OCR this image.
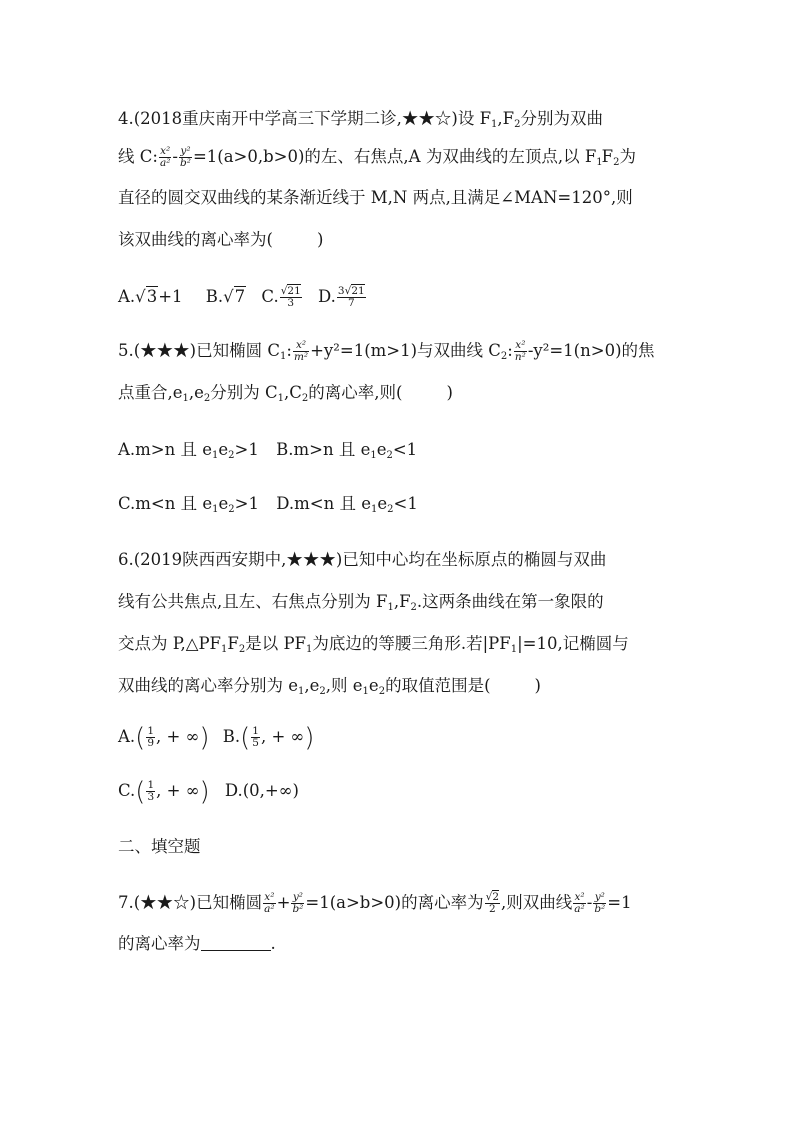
4.(2018重庆南开中学高三下学期二诊,★★☆)设 $F_1,F_2$分别为双曲
线 C: $\frac{\text{x²}}{\text{a²}} - \frac{\text{y²}}{\text{b²}} =1(a>0,b>0)$的左、右焦点,A 为双曲线的左顶点,以 $F_1F_2$为
直径的圆交双曲线的某条渐近线于 M,N 两点,且满足∠MAN=120°,则
该双曲线的离心率为(	)
A.√3+1 B.√7 C. $\frac{√21}{3} D$. $\frac{3√21}{7}$
5.(★★★)已知椭圆 $C_1$: $\frac{\text{x²}}{\text{m²}} +y^2=1(m>1)$与双曲线 $C_2$: $\frac{\text{x²}}{\text{n²}} -y^2=1(n>0)$的焦
点重合$,e_1,e_2$分别为 $C_1,C_2$的离心率,则(	)
A.m>n 且 $e_1e_2>1$ B.m>n 且 $e_1e_2<1$
C.m<n 且 $e_1e_2>1$ D.m<n 且 $e_1e_2<1$
6.(2019陕西西安期中,★★★)已知中心均在坐标原点的椭圆与双曲
线有公共焦点,且左、右焦点分别为 $F_1,F_2$.这两条曲线在第一象限的
交点为 $P,\triangle PF_1F_2$是以 $PF_1$为底边的等腰三角形.若$|PF_1|=10$,记椭圆与
双曲线的离心率分别为 $e_1,e_2$,则 $e_1e_2$的取值范围是(	)
$A.( \frac{1}{9}$ , + ∞) $B.( \frac{1}{5}$ , + ∞)
$C.( \frac{1}{3}$ , + ∞) D.(0,+∞)
二、填空题
7.(★★☆)已知椭圆 $\frac{\text{x²}}{\text{a²}} + \frac{\text{y²}}{\text{b²}} =1(a>b>0)$的离心率为 $\frac{√2}{2}$ ,则双曲线 $\frac{\text{x²}}{\text{a²}} - \frac{\text{y²}}{\text{b²}} =1$
的离心率为	.
